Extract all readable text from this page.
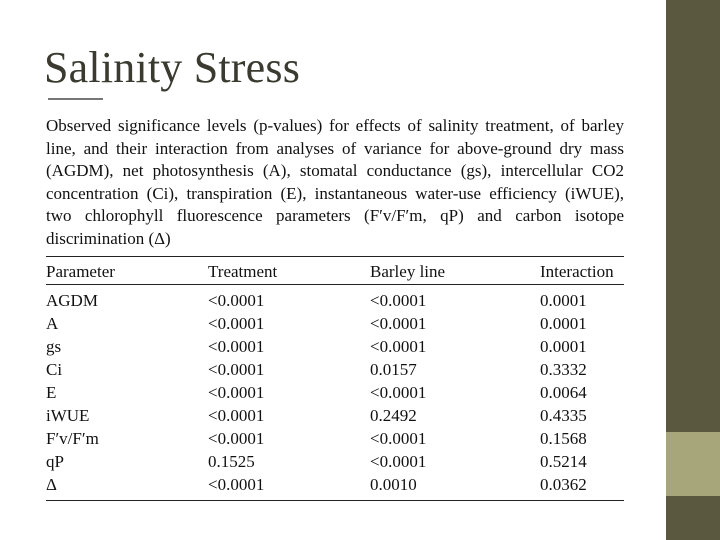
Salinity Stress
Observed significance levels (p-values) for effects of salinity treatment, of barley line, and their interaction from analyses of variance for above-ground dry mass (AGDM), net photosynthesis (A), stomatal conductance (gs), intercellular CO2 concentration (Ci), transpiration (E), instantaneous water-use efficiency (iWUE), two chlorophyll fluorescence parameters (F′v/F′m, qP) and carbon isotope discrimination (Δ)
Parameter	Treatment	Barley line	Interaction
AGDM	<0.0001	<0.0001	0.0001
A	<0.0001	<0.0001	0.0001
gs	<0.0001	<0.0001	0.0001
Ci	<0.0001	0.0157	0.3332
E	<0.0001	<0.0001	0.0064
iWUE	<0.0001	0.2492	0.4335
F′v/F′m	<0.0001	<0.0001	0.1568
qP	0.1525	<0.0001	0.5214
Δ	<0.0001	0.0010	0.0362
